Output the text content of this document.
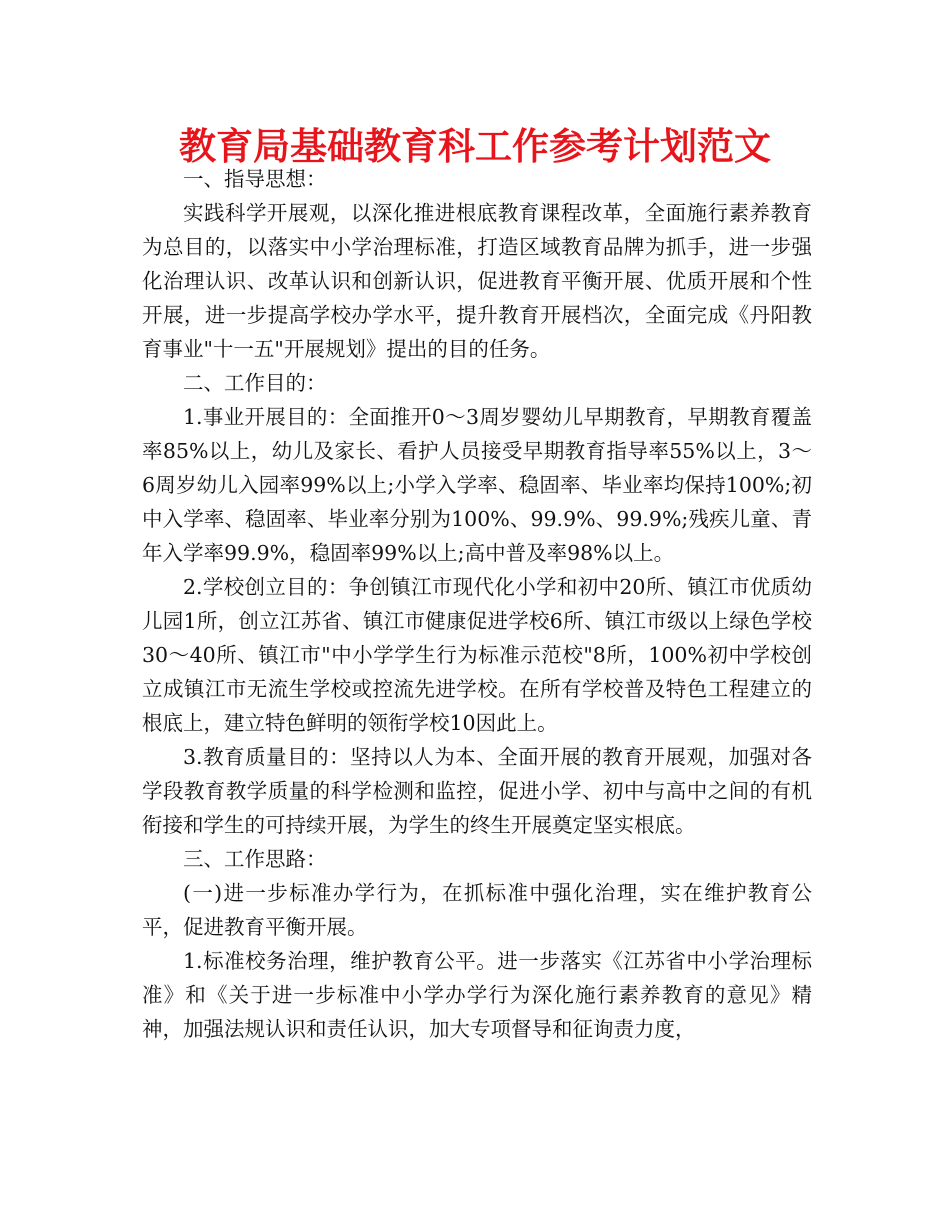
教育局基础教育科工作参考计划范文

一、指导思想：

实践科学开展观，以深化推进根底教育课程改革，全面施行素养教育为总目的，以落实中小学治理标准，打造区域教育品牌为抓手，进一步强化治理认识、改革认识和创新认识，促进教育平衡开展、优质开展和个性开展，进一步提高学校办学水平，提升教育开展档次，全面完成《丹阳教育事业"十一五"开展规划》提出的目的任务。

二、工作目的：

1.事业开展目的：全面推开0～3周岁婴幼儿早期教育，早期教育覆盖率85%以上，幼儿及家长、看护人员接受早期教育指导率55%以上，3～6周岁幼儿入园率99%以上;小学入学率、稳固率、毕业率均保持100%;初中入学率、稳固率、毕业率分别为100%、99.9%、99.9%;残疾儿童、青年入学率99.9%，稳固率99%以上;高中普及率98%以上。

2.学校创立目的：争创镇江市现代化小学和初中20所、镇江市优质幼儿园1所，创立江苏省、镇江市健康促进学校6所、镇江市级以上绿色学校30～40所、镇江市"中小学学生行为标准示范校"8所，100%初中学校创立成镇江市无流生学校或控流先进学校。在所有学校普及特色工程建立的根底上，建立特色鲜明的领衔学校10因此上。

3.教育质量目的：坚持以人为本、全面开展的教育开展观，加强对各学段教育教学质量的科学检测和监控，促进小学、初中与高中之间的有机衔接和学生的可持续开展，为学生的终生开展奠定坚实根底。

三、工作思路：

(一)进一步标准办学行为，在抓标准中强化治理，实在维护教育公平，促进教育平衡开展。

1.标准校务治理，维护教育公平。进一步落实《江苏省中小学治理标准》和《关于进一步标准中小学办学行为深化施行素养教育的意见》精神，加强法规认识和责任认识，加大专项督导和征询责力度，
